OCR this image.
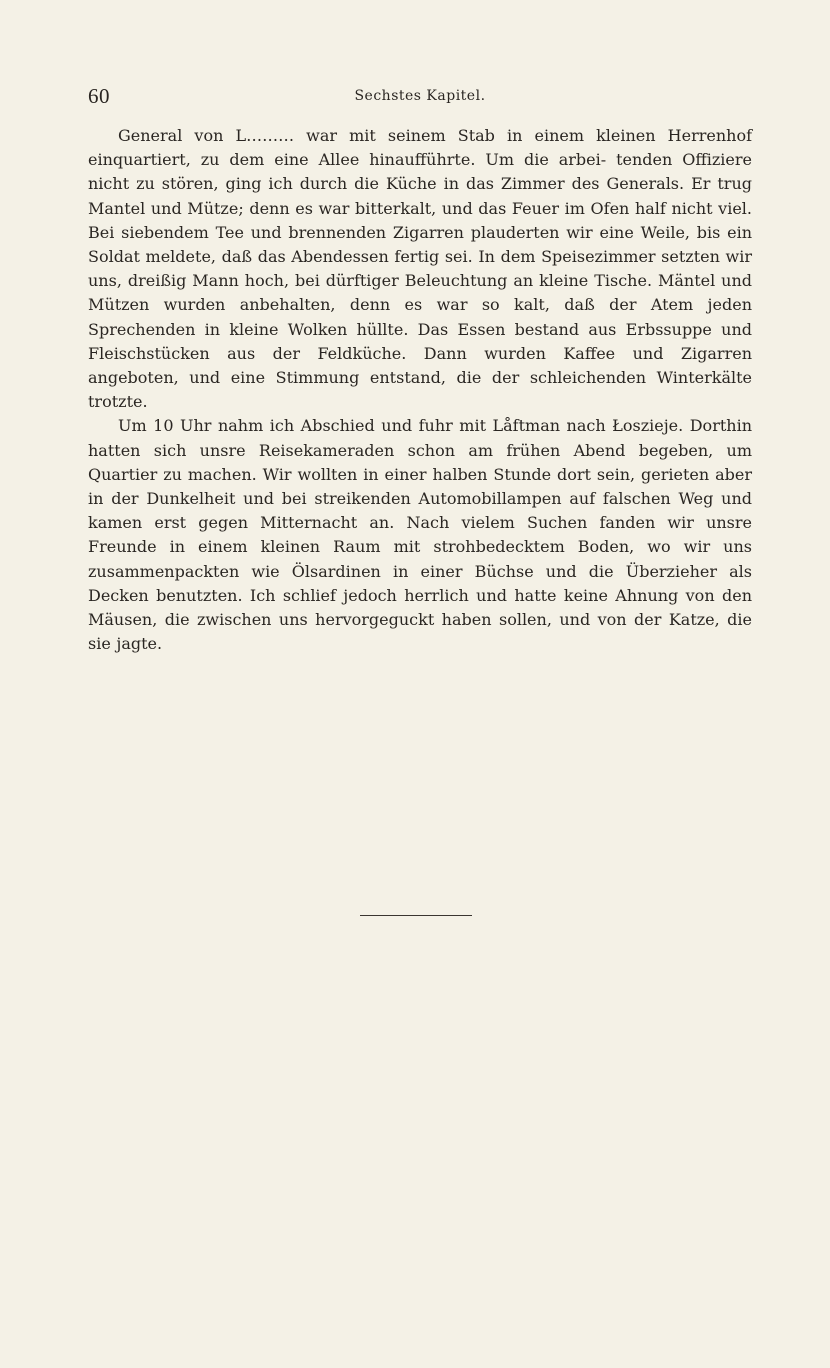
60	Sechstes Kapitel.

General von L……… war mit seinem Stab in einem kleinen Herrenhof einquartiert, zu dem eine Allee hinaufführte. Um die arbei- tenden Offiziere nicht zu stören, ging ich durch die Küche in das Zimmer des Generals. Er trug Mantel und Mütze; denn es war bitterkalt, und das Feuer im Ofen half nicht viel. Bei siebendem Tee und brennenden Zigarren plauderten wir eine Weile, bis ein Soldat meldete, daß das Abendessen fertig sei. In dem Speisezimmer setzten wir uns, dreißig Mann hoch, bei dürftiger Beleuchtung an kleine Tische. Mäntel und Mützen wurden anbehalten, denn es war so kalt, daß der Atem jeden Sprechenden in kleine Wolken hüllte. Das Essen bestand aus Erbssuppe und Fleischstücken aus der Feldküche. Dann wurden Kaffee und Zigarren angeboten, und eine Stimmung entstand, die der schleichenden Winterkälte trotzte.

Um 10 Uhr nahm ich Abschied und fuhr mit Låftman nach Łoszieje. Dorthin hatten sich unsre Reisekameraden schon am frühen Abend begeben, um Quartier zu machen. Wir wollten in einer halben Stunde dort sein, gerieten aber in der Dunkelheit und bei streikenden Automobillampen auf falschen Weg und kamen erst gegen Mitternacht an. Nach vielem Suchen fanden wir unsre Freunde in einem kleinen Raum mit strohbedecktem Boden, wo wir uns zusammenpackten wie Ölsardinen in einer Büchse und die Überzieher als Decken benutzten. Ich schlief jedoch herrlich und hatte keine Ahnung von den Mäusen, die zwischen uns hervorgeguckt haben sollen, und von der Katze, die sie jagte.
